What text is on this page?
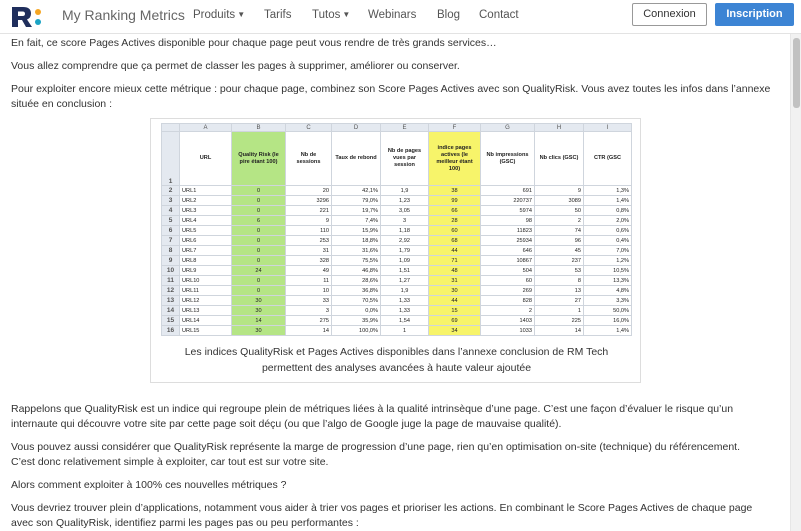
My Ranking Metrics Produits ▼ Tarifs Tutos ▼ Webinars Blog Contact	Connexion	Inscription
En fait, ce score Pages Actives disponible pour chaque page peut vous rendre de très grands services…
Vous allez comprendre que ça permet de classer les pages à supprimer, améliorer ou conserver.
Pour exploiter encore mieux cette métrique : pour chaque page, combinez son Score Pages Actives avec son QualityRisk. Vous avez toutes les infos dans l’annexe
située en conclusion :
	A	B	C	D	E	F	G	H	I
1	URL	Quality Risk (le pire étant 100)	Nb de sessions	Taux de rebond	Nb de pages vues par session	indice pages actives (le meilleur étant 100)	Nb impressions (GSC)	Nb clics (GSC)	CTR (GSC
2	URL1	0	20	42,1%	1,9	38	691	9	1,3%
3	URL2	0	3296	79,0%	1,23	99	220737	3089	1,4%
4	URL3	0	221	19,7%	3,05	66	5974	50	0,8%
5	URL4	6	9	7,4%	3	28	98	2	2,0%
6	URL5	0	110	15,9%	1,18	60	11823	74	0,6%
7	URL6	0	253	18,8%	2,92	68	25934	96	0,4%
8	URL7	0	31	31,6%	1,79	44	646	45	7,0%
9	URL8	0	328	75,5%	1,09	71	10867	237	1,2%
10	URL9	24	49	46,8%	1,51	48	504	53	10,5%
11	URL10	0	11	28,6%	1,27	31	60	8	13,3%
12	URL11	0	10	36,8%	1,9	30	269	13	4,8%
13	URL12	30	33	70,5%	1,33	44	828	27	3,3%
14	URL13	30	3	0,0%	1,33	15	2	1	50,0%
15	URL14	14	275	35,9%	1,54	69	1403	225	16,0%
16	URL15	30	14	100,0%	1	34	1033	14	1,4%
Les indices QualityRisk et Pages Actives disponibles dans l’annexe conclusion de RM Tech
permettent des analyses avancées à haute valeur ajoutée
Rappelons que QualityRisk est un indice qui regroupe plein de métriques liées à la qualité intrinsèque d’une page. C’est une façon d’évaluer le risque qu’un
internaute qui découvre votre site par cette page soit déçu (ou que l’algo de Google juge la page de mauvaise qualité).
Vous pouvez aussi considérer que QualityRisk représente la marge de progression d’une page, rien qu’en optimisation on-site (technique) du référencement.
C’est donc relativement simple à exploiter, car tout est sur votre site.
Alors comment exploiter à 100% ces nouvelles métriques ?
Vous devriez trouver plein d’applications, notamment vous aider à trier vos pages et prioriser les actions. En combinant le Score Pages Actives de chaque page
avec son QualityRisk, identifiez parmi les pages pas ou peu performantes :
